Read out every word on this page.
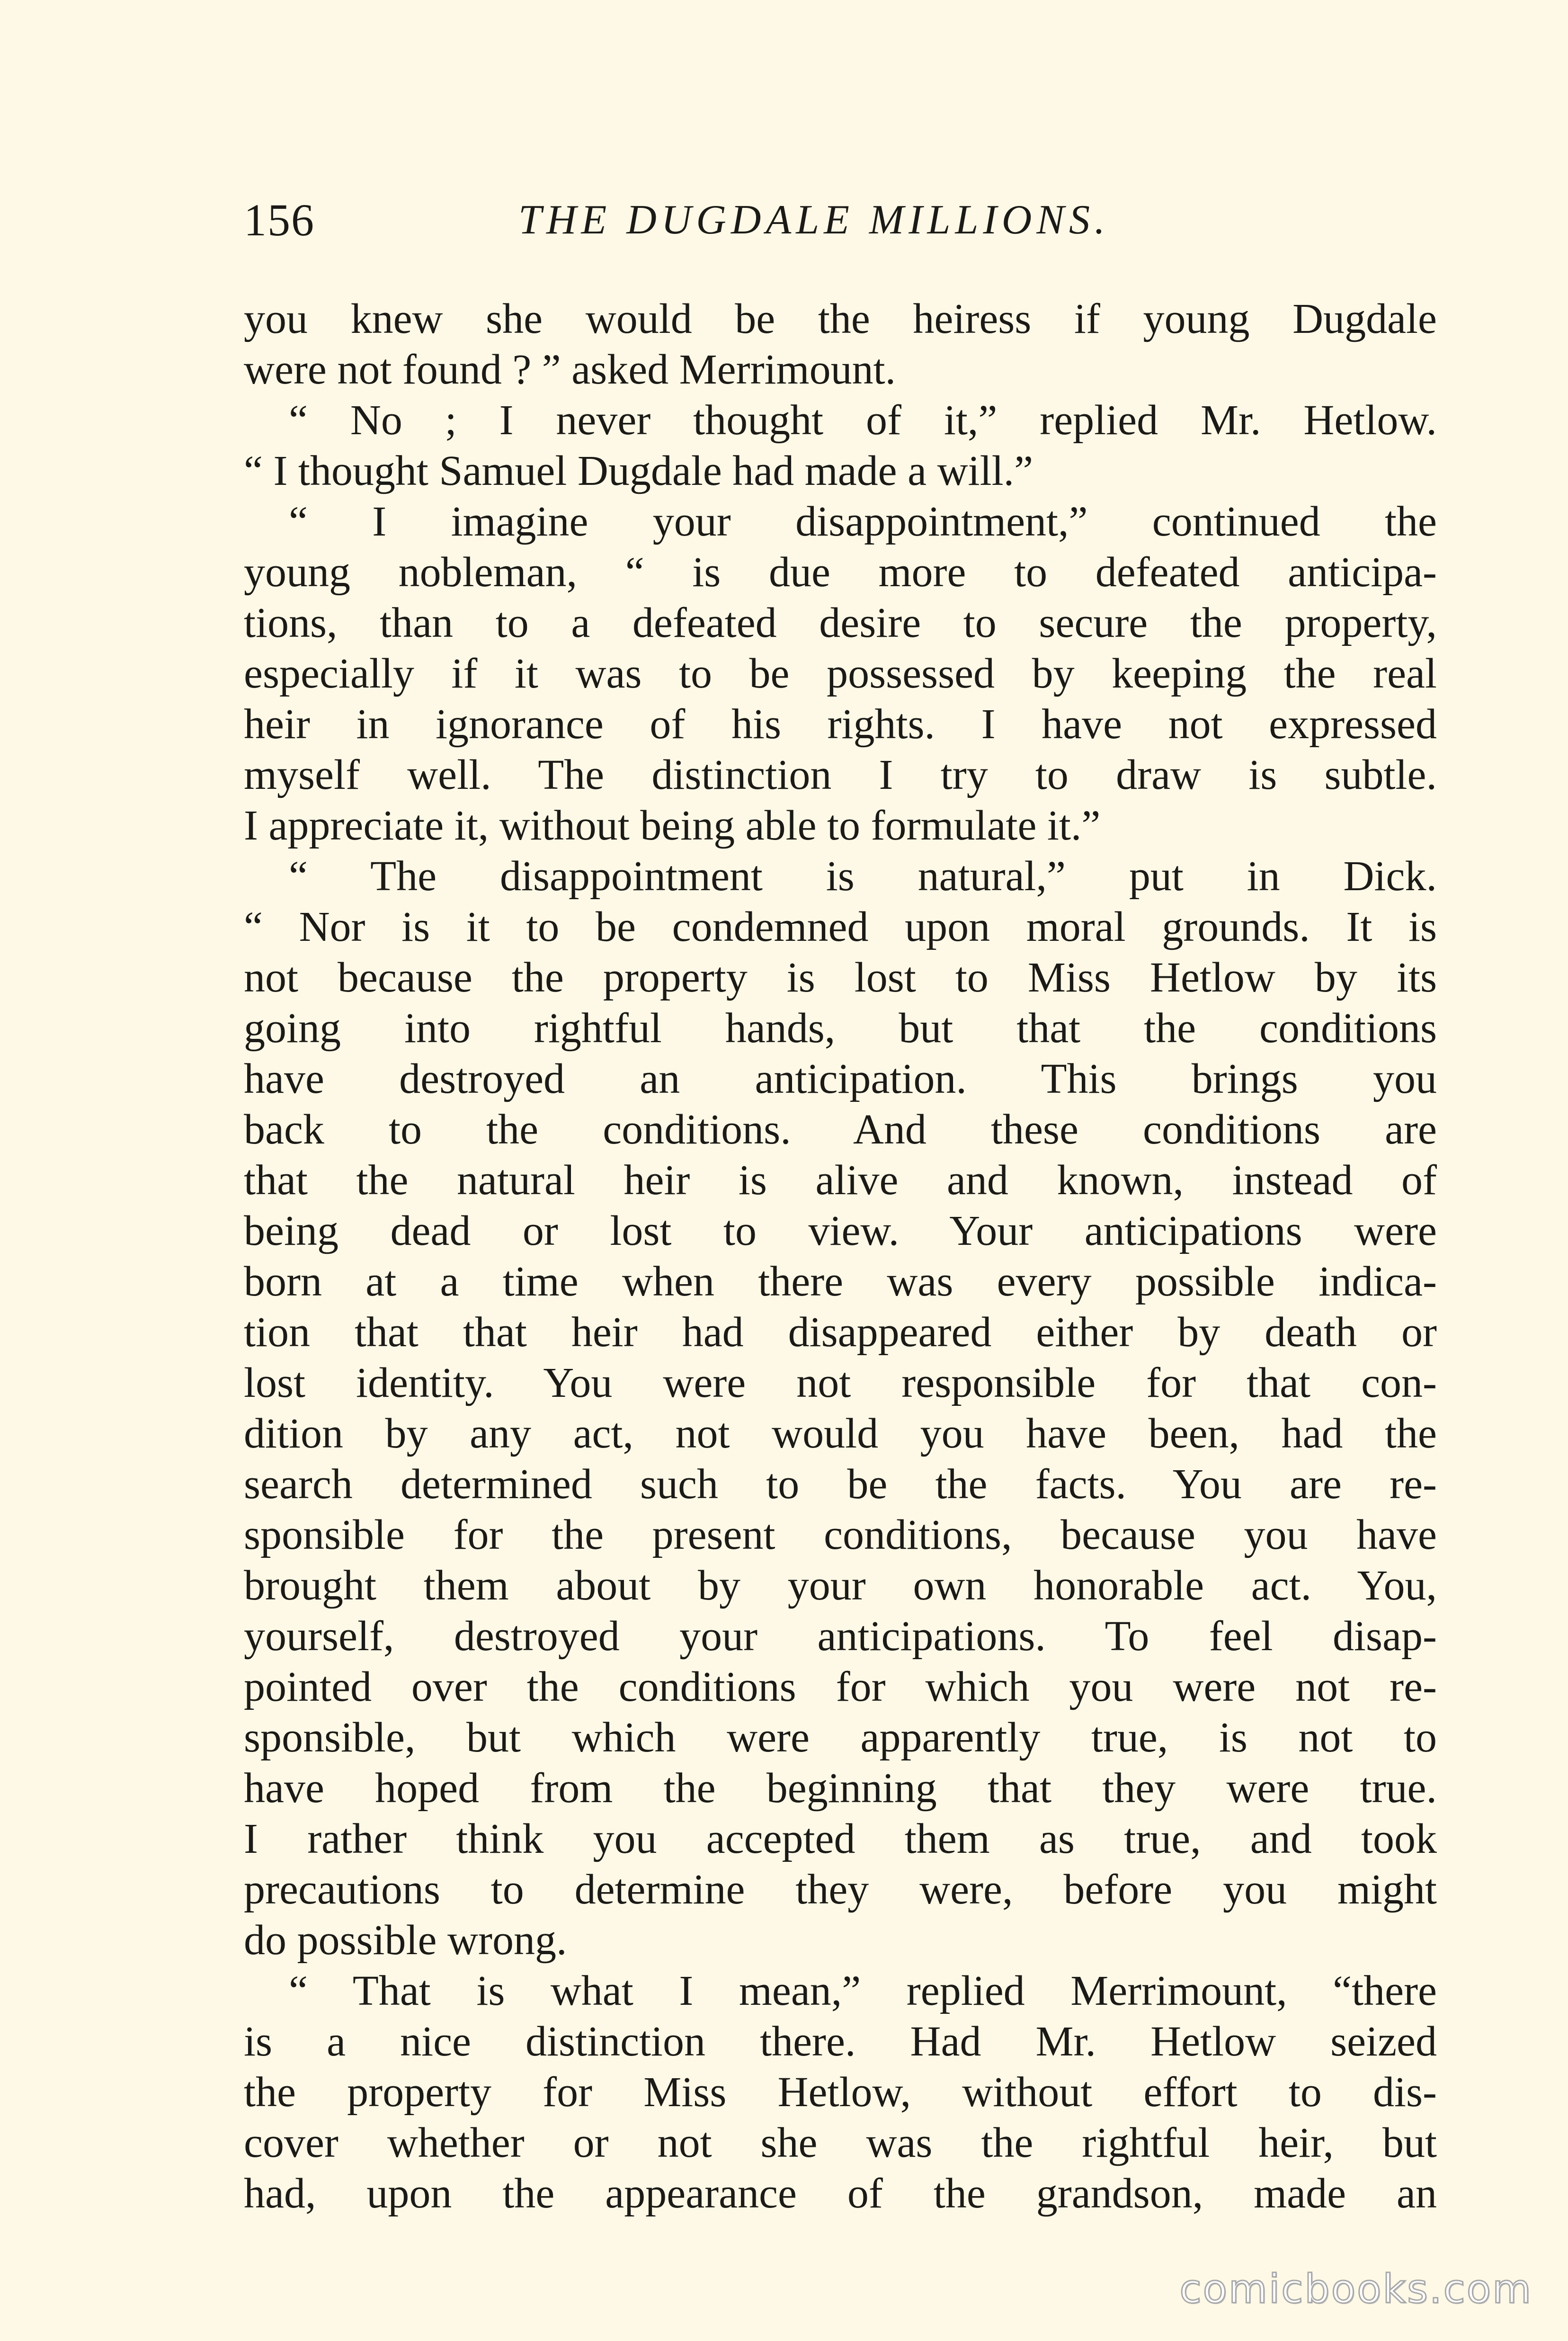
156	THE DUGDALE MILLIONS.
you knew she would be the heiress if young Dugdale
were not found ? ” asked Merrimount.
“ No ; I never thought of it,” replied Mr. Hetlow.
“ I thought Samuel Dugdale had made a will.”
“ I imagine your disappointment,” continued the
young nobleman, “ is due more to defeated anticipa-
tions, than to a defeated desire to secure the property,
especially if it was to be possessed by keeping the real
heir in ignorance of his rights. I have not expressed
myself well. The distinction I try to draw is subtle.
I appreciate it, without being able to formulate it.”
“ The disappointment is natural,” put in Dick.
“ Nor is it to be condemned upon moral grounds. It is
not because the property is lost to Miss Hetlow by its
going into rightful hands, but that the conditions
have destroyed an anticipation. This brings you
back to the conditions. And these conditions are
that the natural heir is alive and known, instead of
being dead or lost to view. Your anticipations were
born at a time when there was every possible indica-
tion that that heir had disappeared either by death or
lost identity. You were not responsible for that con-
dition by any act, not would you have been, had the
search determined such to be the facts. You are re-
sponsible for the present conditions, because you have
brought them about by your own honorable act. You,
yourself, destroyed your anticipations. To feel disap-
pointed over the conditions for which you were not re-
sponsible, but which were apparently true, is not to
have hoped from the beginning that they were true.
I rather think you accepted them as true, and took
precautions to determine they were, before you might
do possible wrong.
“ That is what I mean,” replied Merrimount, “there
is a nice distinction there. Had Mr. Hetlow seized
the property for Miss Hetlow, without effort to dis-
cover whether or not she was the rightful heir, but
had, upon the appearance of the grandson, made an
comicbooks.com
